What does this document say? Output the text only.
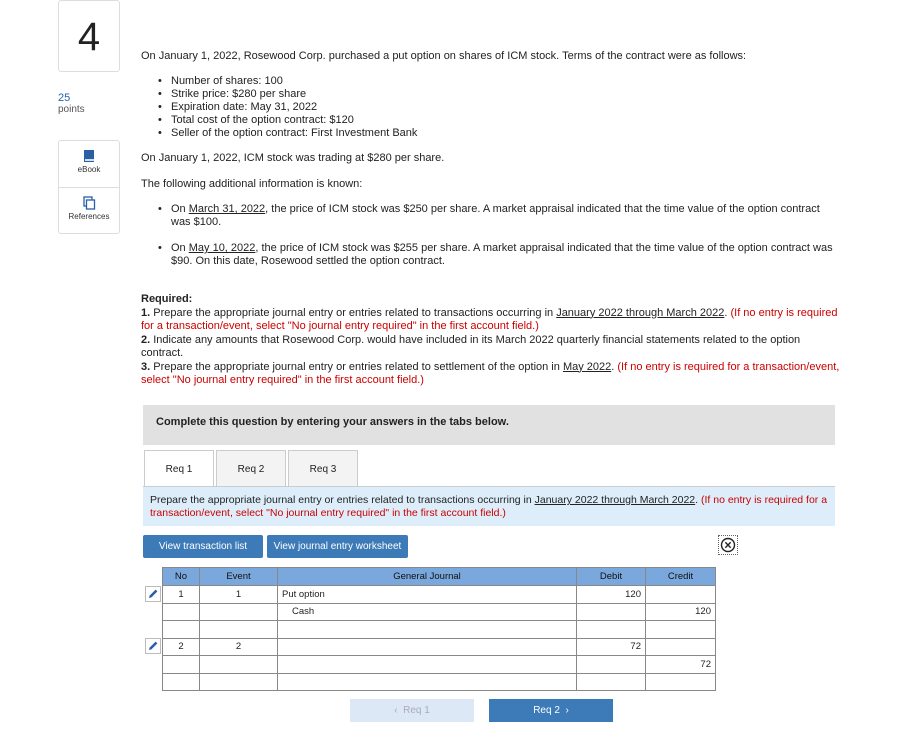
4
25
points
eBook
References

On January 1, 2022, Rosewood Corp. purchased a put option on shares of ICM stock. Terms of the contract were as follows:

• Number of shares: 100
• Strike price: $280 per share
• Expiration date: May 31, 2022
• Total cost of the option contract: $120
• Seller of the option contract: First Investment Bank

On January 1, 2022, ICM stock was trading at $280 per share.

The following additional information is known:

• On March 31, 2022, the price of ICM stock was $250 per share. A market appraisal indicated that the time value of the option contract was $100.
• On May 10, 2022, the price of ICM stock was $255 per share. A market appraisal indicated that the time value of the option contract was $90. On this date, Rosewood settled the option contract.

Required:

1. Prepare the appropriate journal entry or entries related to transactions occurring in January 2022 through March 2022. (If no entry is required for a transaction/event, select "No journal entry required" in the first account field.)

2. Indicate any amounts that Rosewood Corp. would have included in its March 2022 quarterly financial statements related to the option contract.

3. Prepare the appropriate journal entry or entries related to settlement of the option in May 2022. (If no entry is required for a transaction/event, select "No journal entry required" in the first account field.)

Complete this question by entering your answers in the tabs below.
Req 1	Req 2	Req 3
Prepare the appropriate journal entry or entries related to transactions occurring in January 2022 through March 2022. (If no entry is required for a transaction/event, select "No journal entry required" in the first account field.)
View transaction list	View journal entry worksheet
No	Event	General Journal	Debit	Credit
1	1	Put option	120	
		Cash		120

2	2		72	
				72

‹  Req 1	Req 2  ›
